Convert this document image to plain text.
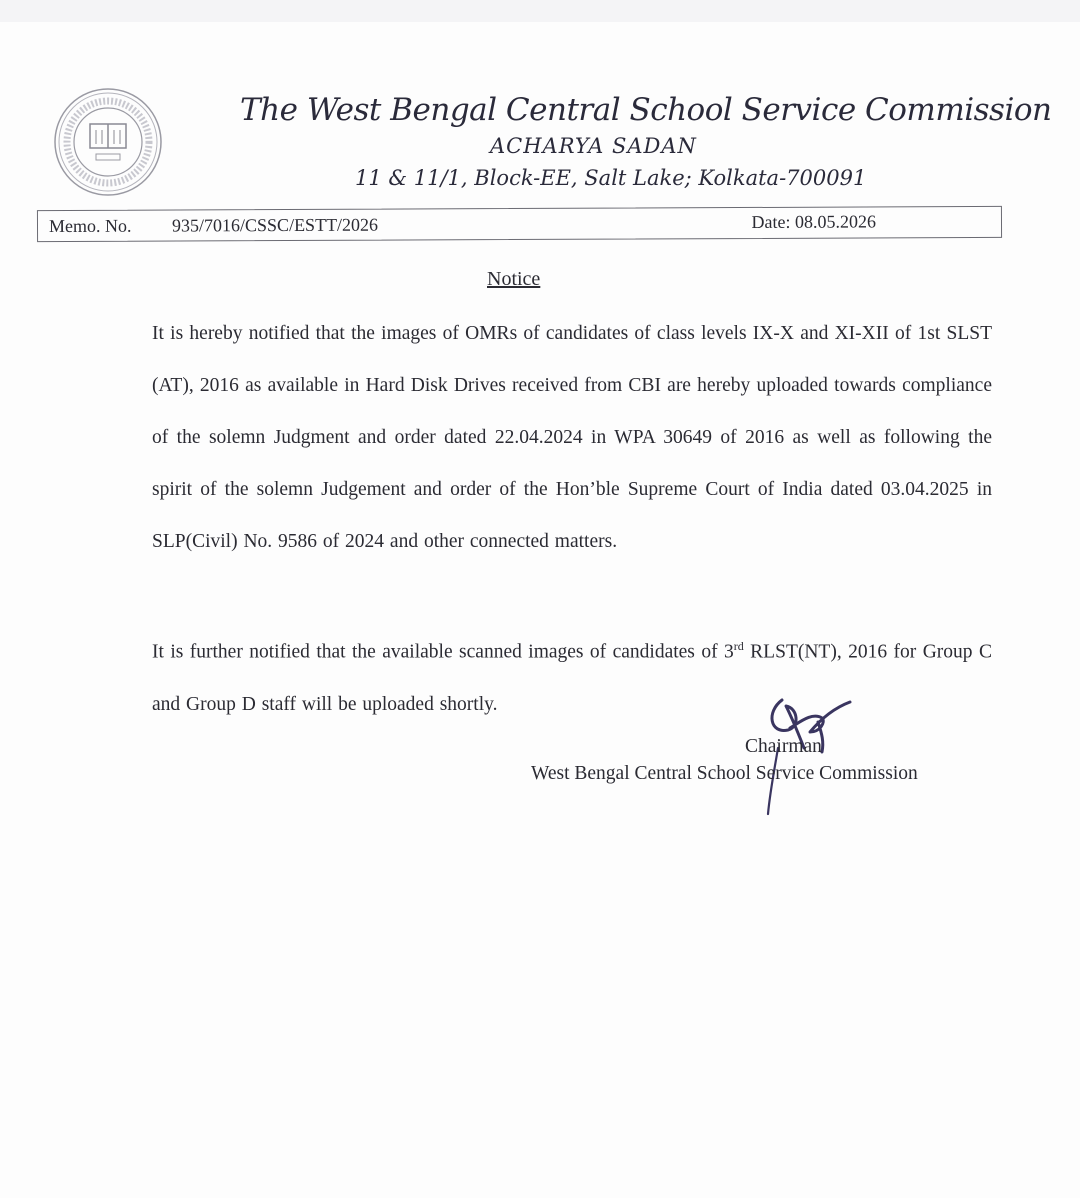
The West Bengal Central School Service Commission
ACHARYA SADAN
11 & 11/1, Block-EE, Salt Lake; Kolkata-700091
Memo. No. 935/7016/CSSC/ESTT/2026	Date: 08.05.2026
Notice
It is hereby notified that the images of OMRs of candidates of class levels IX-X and XI-XII of 1st SLST (AT), 2016 as available in Hard Disk Drives received from CBI are hereby uploaded towards compliance of the solemn Judgment and order dated 22.04.2024 in WPA 30649 of 2016 as well as following the spirit of the solemn Judgement and order of the Hon’ble Supreme Court of India dated 03.04.2025 in SLP(Civil) No. 9586 of 2024 and other connected matters.
It is further notified that the available scanned images of candidates of 3rd RLST(NT), 2016 for Group C and Group D staff will be uploaded shortly.
Chairman
West Bengal Central School Service Commission
